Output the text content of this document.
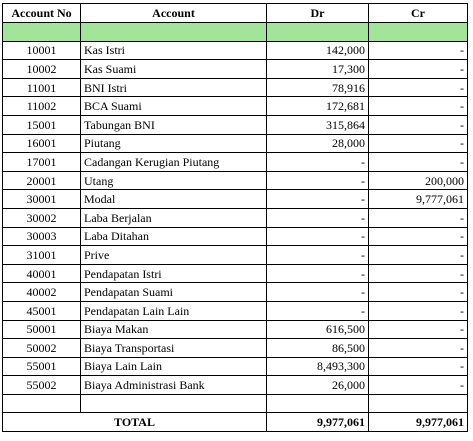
Account No	Account	Dr	Cr

10001	Kas Istri	142,000	-
10002	Kas Suami	17,300	-
11001	BNI Istri	78,916	-
11002	BCA Suami	172,681	-
15001	Tabungan BNI	315,864	-
16001	Piutang	28,000	-
17001	Cadangan Kerugian Piutang	-	-
20001	Utang	-	200,000
30001	Modal	-	9,777,061
30002	Laba Berjalan	-	-
30003	Laba Ditahan	-	-
31001	Prive	-	-
40001	Pendapatan Istri	-	-
40002	Pendapatan Suami	-	-
45001	Pendapatan Lain Lain	-	-
50001	Biaya Makan	616,500	-
50002	Biaya Transportasi	86,500	-
55001	Biaya Lain Lain	8,493,300	-
55002	Biaya Administrasi Bank	26,000	-

TOTAL		9,977,061	9,977,061
